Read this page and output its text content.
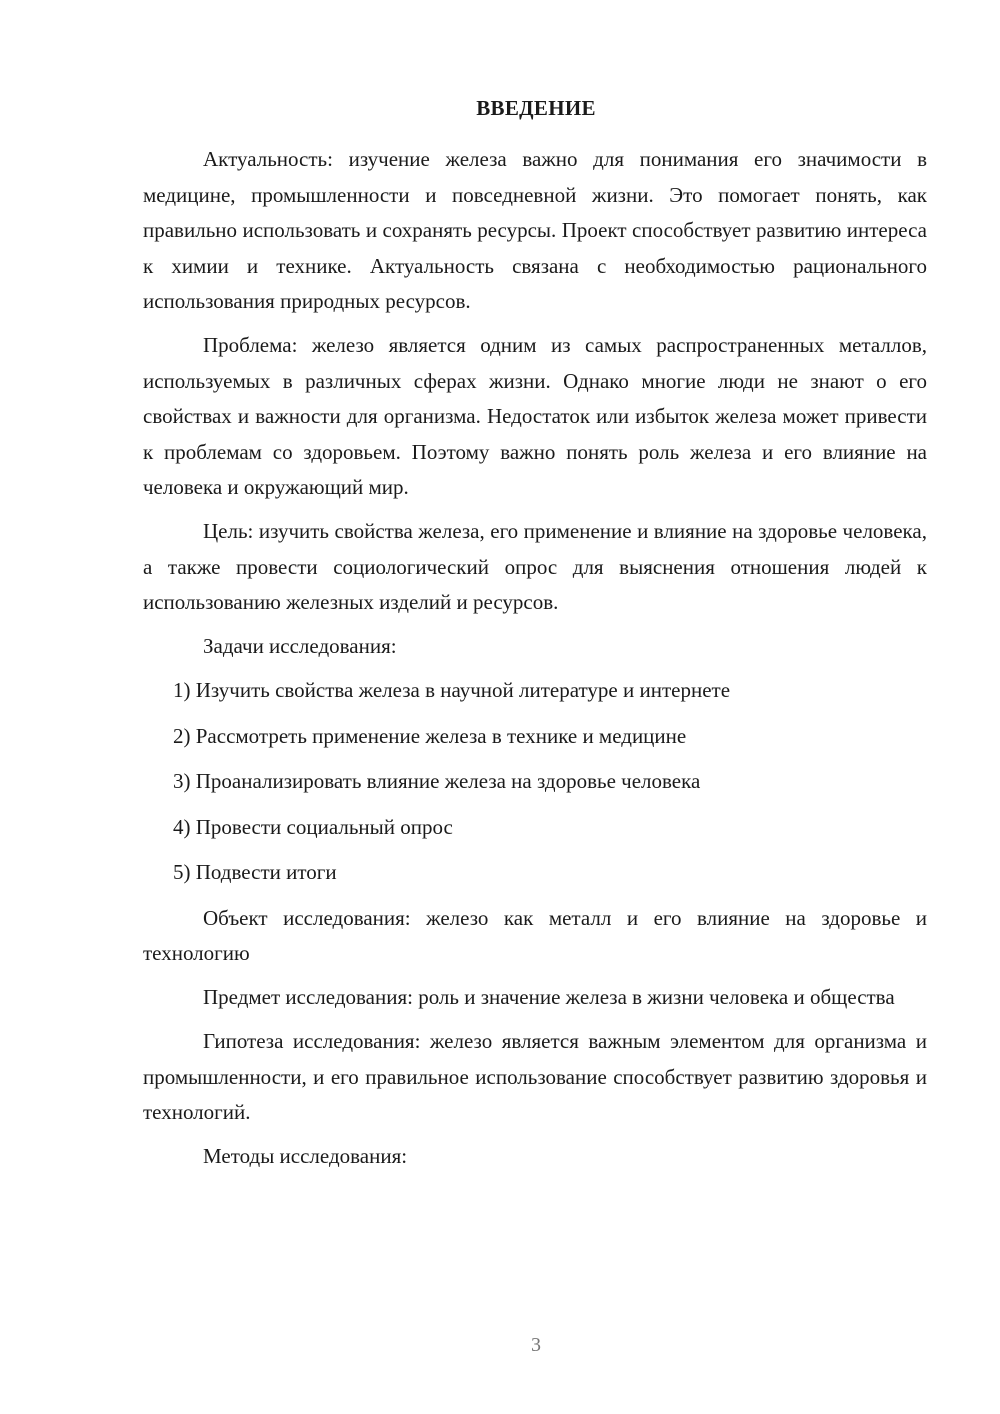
ВВЕДЕНИЕ

Актуальность: изучение железа важно для понимания его значимости в медицине, промышленности и повседневной жизни. Это помогает понять, как правильно использовать и сохранять ресурсы. Проект способствует развитию интереса к химии и технике. Актуальность связана с необходимостью рационального использования природных ресурсов.

Проблема: железо является одним из самых распространенных металлов, используемых в различных сферах жизни. Однако многие люди не знают о его свойствах и важности для организма. Недостаток или избыток железа может привести к проблемам со здоровьем. Поэтому важно понять роль железа и его влияние на человека и окружающий мир.

Цель: изучить свойства железа, его применение и влияние на здоровье человека, а также провести социологический опрос для выяснения отношения людей к использованию железных изделий и ресурсов.

Задачи исследования:

1) Изучить свойства железа в научной литературе и интернете
2) Рассмотреть применение железа в технике и медицине
3) Проанализировать влияние железа на здоровье человека
4) Провести социальный опрос
5) Подвести итоги

Объект исследования: железо как металл и его влияние на здоровье и технологию

Предмет исследования: роль и значение железа в жизни человека и общества

Гипотеза исследования: железо является важным элементом для организма и промышленности, и его правильное использование способствует развитию здоровья и технологий.

Методы исследования:

3
